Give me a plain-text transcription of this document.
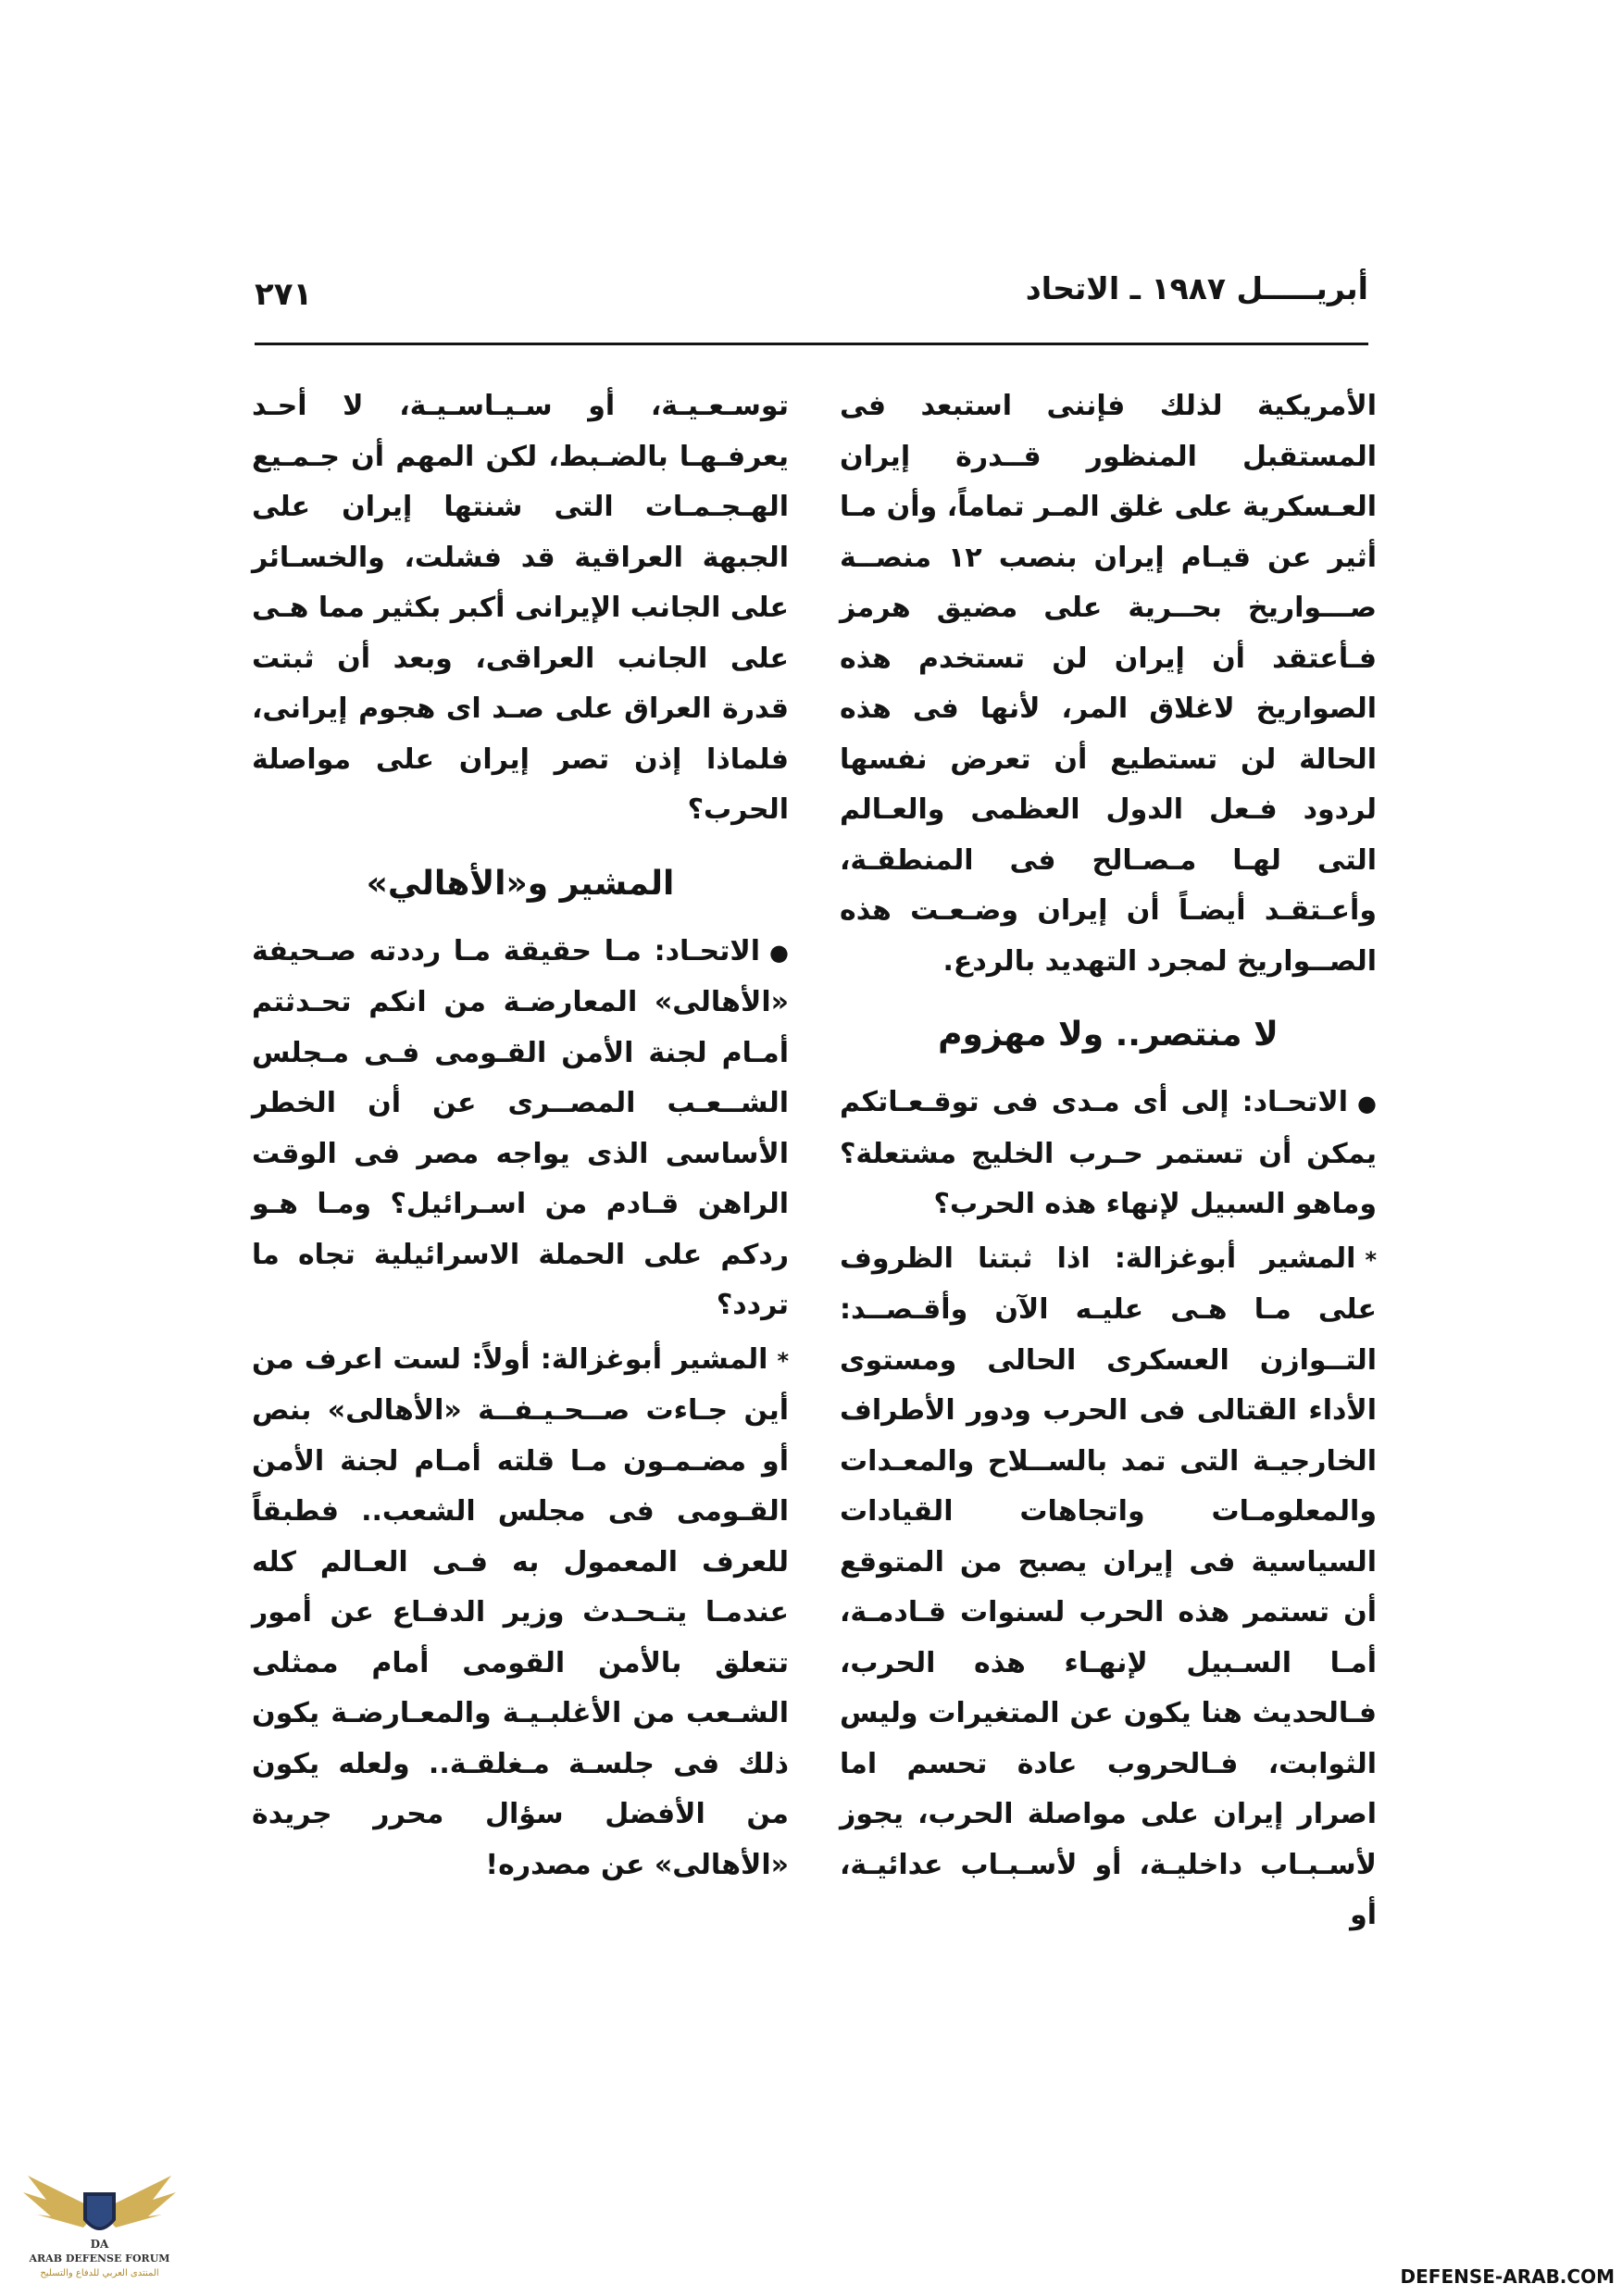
أبريـــــل ١٩٨٧ ـ الاتحاد
٢٧١

الأمريكية لذلك فإننى استبعد فى المستقبل المنظور قــدرة إيران العـسكرية على غلق المـر تماماً، وأن مـا أثير عن قيـام إيران بنصب ١٢ منصــة صـــواريخ بحــرية على مضيق هرمز فـأعتقد أن إيران لن تستخدم هذه الصواريخ لاغلاق المر، لأنها فى هذه الحالة لن تستطيع أن تعرض نفسها لردود فـعل الدول العظمى والعـالم التى لهـا مـصـالح فى المنطقـة، وأعـتقـد أيضـاً أن إيران وضـعـت هذه الصــواريخ لمجرد التهديد بالردع.

لا منتصر.. ولا مهزوم

●الاتحـاد: إلى أى مـدى فى توقـعـاتكم يمكن أن تستمر حـرب الخليج مشتعلة؟ وماهو السبيل لإنهاء هذه الحرب؟

*المشير أبوغزالة: اذا ثبتنا الظروف على مـا هـى عليـه الآن وأقـصــد: التــوازن العسكرى الحالى ومستوى الأداء القتالى فى الحرب ودور الأطراف الخارجيـة التى تمد بالســلاح والمعـدات والمعلومـات واتجاهات القيادات السياسية فى إيران يصبح من المتوقع أن تستمر هذه الحرب لسنوات قـادمـة، أمـا السـبيل لإنهـاء هذه الحرب، فـالحديث هنا يكون عن المتغيرات وليس الثوابت، فـالحروب عادة تحسم اما اصرار إيران على مواصلة الحرب، يجوز لأسـبـاب داخليـة، أو لأسـبـاب عدائيـة، أو

توسـعـيـة، أو سـيـاسـيـة، لا أحـد يعرفـهـا بالضـبط، لكن المهم أن جـمـيع الهـجـمـات التى شنتها إيران على الجبهة العراقية قد فشلت، والخسـائر على الجانب الإيرانى أكبر بكثير مما هـى على الجانب العراقى، وبعد أن ثبتت قدرة العراق على صـد اى هجوم إيرانى، فلماذا إذن تصر إيران على مواصلة الحرب؟

المشير و«الأهالي»

●الاتحـاد: مـا حقيقة مـا رددته صـحيفة «الأهالى» المعارضـة من انكم تحـدثتم أمـام لجنة الأمن القـومى فـى مـجلس الشــعـب المصــرى عن أن الخطر الأساسى الذى يواجه مصر فى الوقت الراهن قـادم من اسـرائيل؟ ومـا هـو ردكم على الحملة الاسرائيلية تجاه ما تردد؟

*المشير أبوغزالة: أولاً: لست اعرف من أين جـاءت صــحـيـفــة «الأهالى» بنص أو مضـمـون مـا قلته أمـام لجنة الأمن القـومى فى مجلس الشعب.. فطبقاً للعرف المعمول به فـى العـالم كله عندمـا يتـحـدث وزير الدفـاع عن أمور تتعلق بالأمن القومى أمام ممثلى الشـعب من الأغلبـيـة والمعـارضـة يكون ذلك فى جلسـة مـغلقـة.. ولعله يكون من الأفضل سؤال محرر جريدة «الأهالى» عن مصدره!

DA
ARAB DEFENSE FORUM
المنتدى العربي للدفاع والتسليح	DEFENSE-ARAB.COM
